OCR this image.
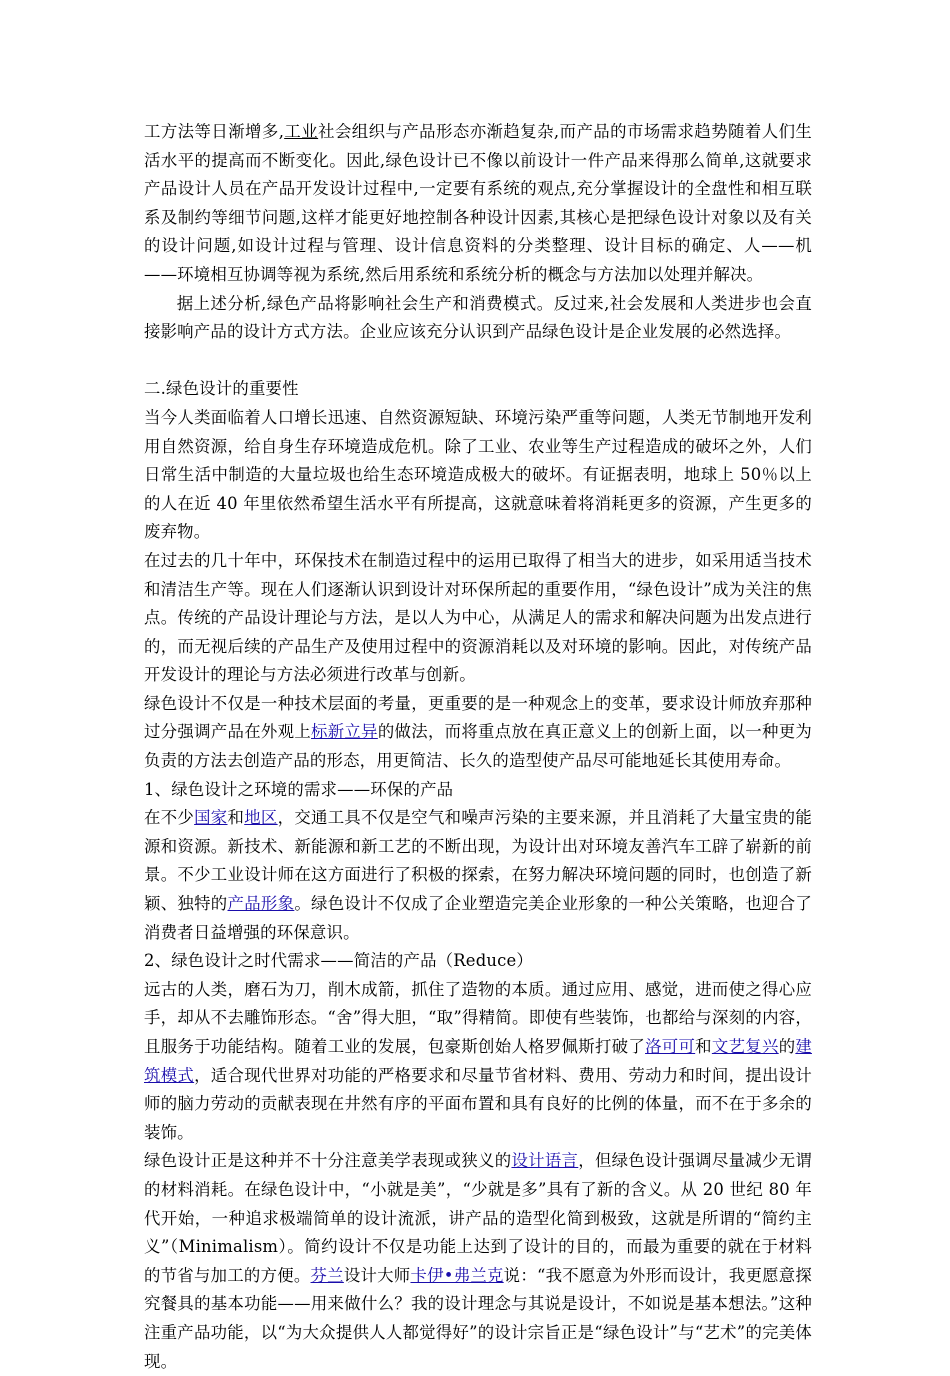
工方法等日渐增多,工业社会组织与产品形态亦渐趋复杂,而产品的市场需求趋势随着人们生活水平的提高而不断变化。因此,绿色设计已不像以前设计一件产品来得那么简单,这就要求产品设计人员在产品开发设计过程中,一定要有系统的观点,充分掌握设计的全盘性和相互联系及制约等细节问题,这样才能更好地控制各种设计因素,其核心是把绿色设计对象以及有关的设计问题,如设计过程与管理、设计信息资料的分类整理、设计目标的确定、人——机——环境相互协调等视为系统,然后用系统和系统分析的概念与方法加以处理并解决。

据上述分析,绿色产品将影响社会生产和消费模式。反过来,社会发展和人类进步也会直接影响产品的设计方式方法。企业应该充分认识到产品绿色设计是企业发展的必然选择。

二.绿色设计的重要性

当今人类面临着人口增长迅速、自然资源短缺、环境污染严重等问题，人类无节制地开发利用自然资源，给自身生存环境造成危机。除了工业、农业等生产过程造成的破坏之外，人们日常生活中制造的大量垃圾也给生态环境造成极大的破坏。有证据表明，地球上 50％以上的人在近 40 年里依然希望生活水平有所提高，这就意味着将消耗更多的资源，产生更多的废弃物。

在过去的几十年中，环保技术在制造过程中的运用已取得了相当大的进步，如采用适当技术和清洁生产等。现在人们逐渐认识到设计对环保所起的重要作用，“绿色设计”成为关注的焦点。传统的产品设计理论与方法，是以人为中心，从满足人的需求和解决问题为出发点进行的，而无视后续的产品生产及使用过程中的资源消耗以及对环境的影响。因此，对传统产品开发设计的理论与方法必须进行改革与创新。

绿色设计不仅是一种技术层面的考量，更重要的是一种观念上的变革，要求设计师放弃那种过分强调产品在外观上标新立异的做法，而将重点放在真正意义上的创新上面，以一种更为负责的方法去创造产品的形态，用更简洁、长久的造型使产品尽可能地延长其使用寿命。

1、绿色设计之环境的需求——环保的产品

在不少国家和地区，交通工具不仅是空气和噪声污染的主要来源，并且消耗了大量宝贵的能源和资源。新技术、新能源和新工艺的不断出现，为设计出对环境友善汽车工辟了崭新的前景。不少工业设计师在这方面进行了积极的探索，在努力解决环境问题的同时，也创造了新颖、独特的产品形象。绿色设计不仅成了企业塑造完美企业形象的一种公关策略，也迎合了消费者日益增强的环保意识。

2、绿色设计之时代需求——简洁的产品（Reduce）

远古的人类，磨石为刀，削木成箭，抓住了造物的本质。通过应用、感觉，进而使之得心应手，却从不去雕饰形态。“舍”得大胆，“取”得精简。即使有些装饰，也都给与深刻的内容，且服务于功能结构。随着工业的发展，包豪斯创始人格罗佩斯打破了洛可可和文艺复兴的建筑模式，适合现代世界对功能的严格要求和尽量节省材料、费用、劳动力和时间，提出设计师的脑力劳动的贡献表现在井然有序的平面布置和具有良好的比例的体量，而不在于多余的装饰。

绿色设计正是这种并不十分注意美学表现或狭义的设计语言，但绿色设计强调尽量减少无谓的材料消耗。在绿色设计中，“小就是美”，“少就是多”具有了新的含义。从 20 世纪 80 年代开始，一种追求极端简单的设计流派，讲产品的造型化简到极致，这就是所谓的“简约主义”（Minimalism）。简约设计不仅是功能上达到了设计的目的，而最为重要的就在于材料的节省与加工的方便。芬兰设计大师卡伊•弗兰克说：“我不愿意为外形而设计，我更愿意探究餐具的基本功能——用来做什么？我的设计理念与其说是设计，不如说是基本想法。”这种注重产品功能，以“为大众提供人人都觉得好”的设计宗旨正是“绿色设计”与“艺术”的完美体现。
